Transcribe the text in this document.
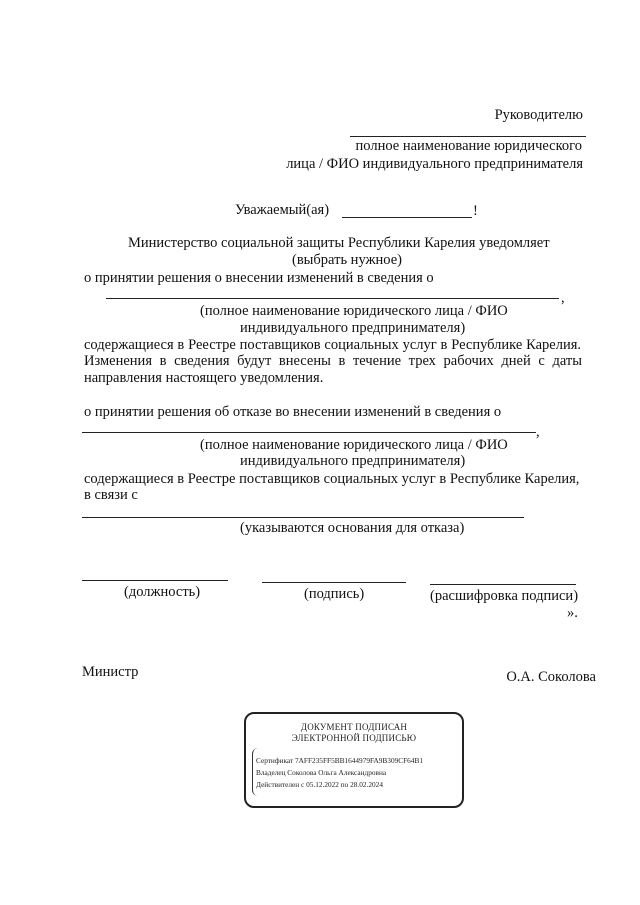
Руководителю
полное наименование юридического
лица / ФИО индивидуального предпринимателя
Уважаемый(ая)	!
Министерство социальной защиты Республики Карелия уведомляет
(выбрать нужное)
о принятии решения о внесении изменений в сведения о
,
(полное наименование юридического лица / ФИО
индивидуального предпринимателя)
содержащиеся в Реестре поставщиков социальных услуг в Республике Карелия.
Изменения в сведения будут внесены в течение трех рабочих дней с даты
направления настоящего уведомления.
о принятии решения об отказе во внесении изменений в сведения о
,
(полное наименование юридического лица / ФИО
индивидуального предпринимателя)
содержащиеся в Реестре поставщиков социальных услуг в Республике Карелия,
в связи с
(указываются основания для отказа)
(должность)	(подпись)	(расшифровка подписи)
».
Министр	О.А. Соколова
ДОКУМЕНТ ПОДПИСАН
ЭЛЕКТРОННОЙ ПОДПИСЬЮ
Сертификат 7AFF235FF5BB1644979FA9B309CF64B1
Владелец Соколова Ольга Александровна
Действителен с 05.12.2022 по 28.02.2024
